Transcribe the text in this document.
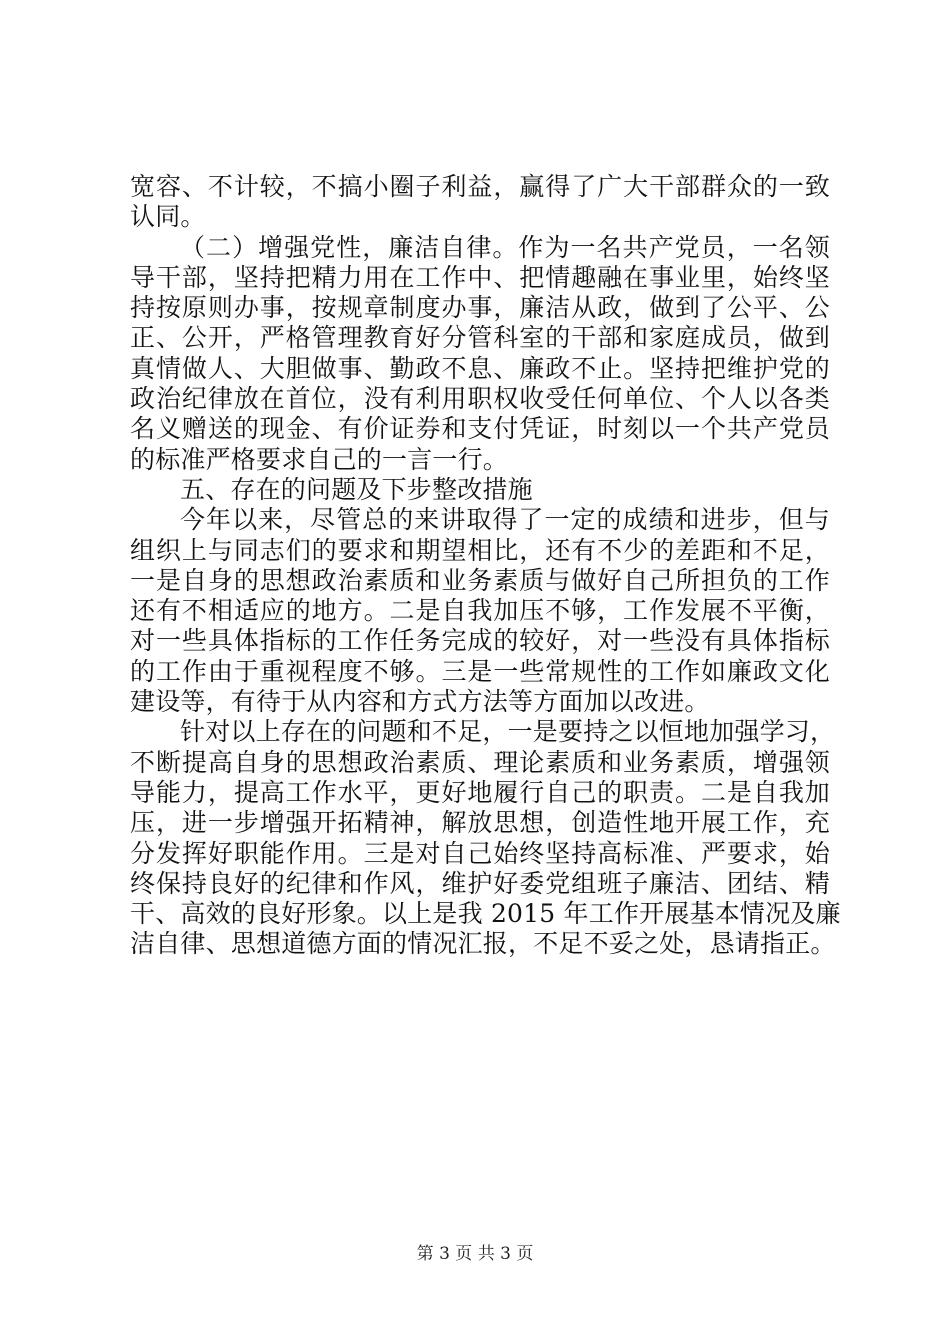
宽容、不计较，不搞小圈子利益，赢得了广大干部群众的一致
认同。
（二）增强党性，廉洁自律。作为一名共产党员，一名领
导干部，坚持把精力用在工作中、把情趣融在事业里，始终坚
持按原则办事，按规章制度办事，廉洁从政，做到了公平、公
正、公开，严格管理教育好分管科室的干部和家庭成员，做到
真情做人、大胆做事、勤政不息、廉政不止。坚持把维护党的
政治纪律放在首位，没有利用职权收受任何单位、个人以各类
名义赠送的现金、有价证券和支付凭证，时刻以一个共产党员
的标准严格要求自己的一言一行。
五、存在的问题及下步整改措施
今年以来，尽管总的来讲取得了一定的成绩和进步，但与
组织上与同志们的要求和期望相比，还有不少的差距和不足，
一是自身的思想政治素质和业务素质与做好自己所担负的工作
还有不相适应的地方。二是自我加压不够，工作发展不平衡，
对一些具体指标的工作任务完成的较好，对一些没有具体指标
的工作由于重视程度不够。三是一些常规性的工作如廉政文化
建设等，有待于从内容和方式方法等方面加以改进。
针对以上存在的问题和不足，一是要持之以恒地加强学习，
不断提高自身的思想政治素质、理论素质和业务素质，增强领
导能力，提高工作水平，更好地履行自己的职责。二是自我加
压，进一步增强开拓精神，解放思想，创造性地开展工作，充
分发挥好职能作用。三是对自己始终坚持高标准、严要求，始
终保持良好的纪律和作风，维护好委党组班子廉洁、团结、精
干、高效的良好形象。以上是我 2015 年工作开展基本情况及廉
洁自律、思想道德方面的情况汇报，不足不妥之处，恳请指正。
第 3 页 共 3 页
